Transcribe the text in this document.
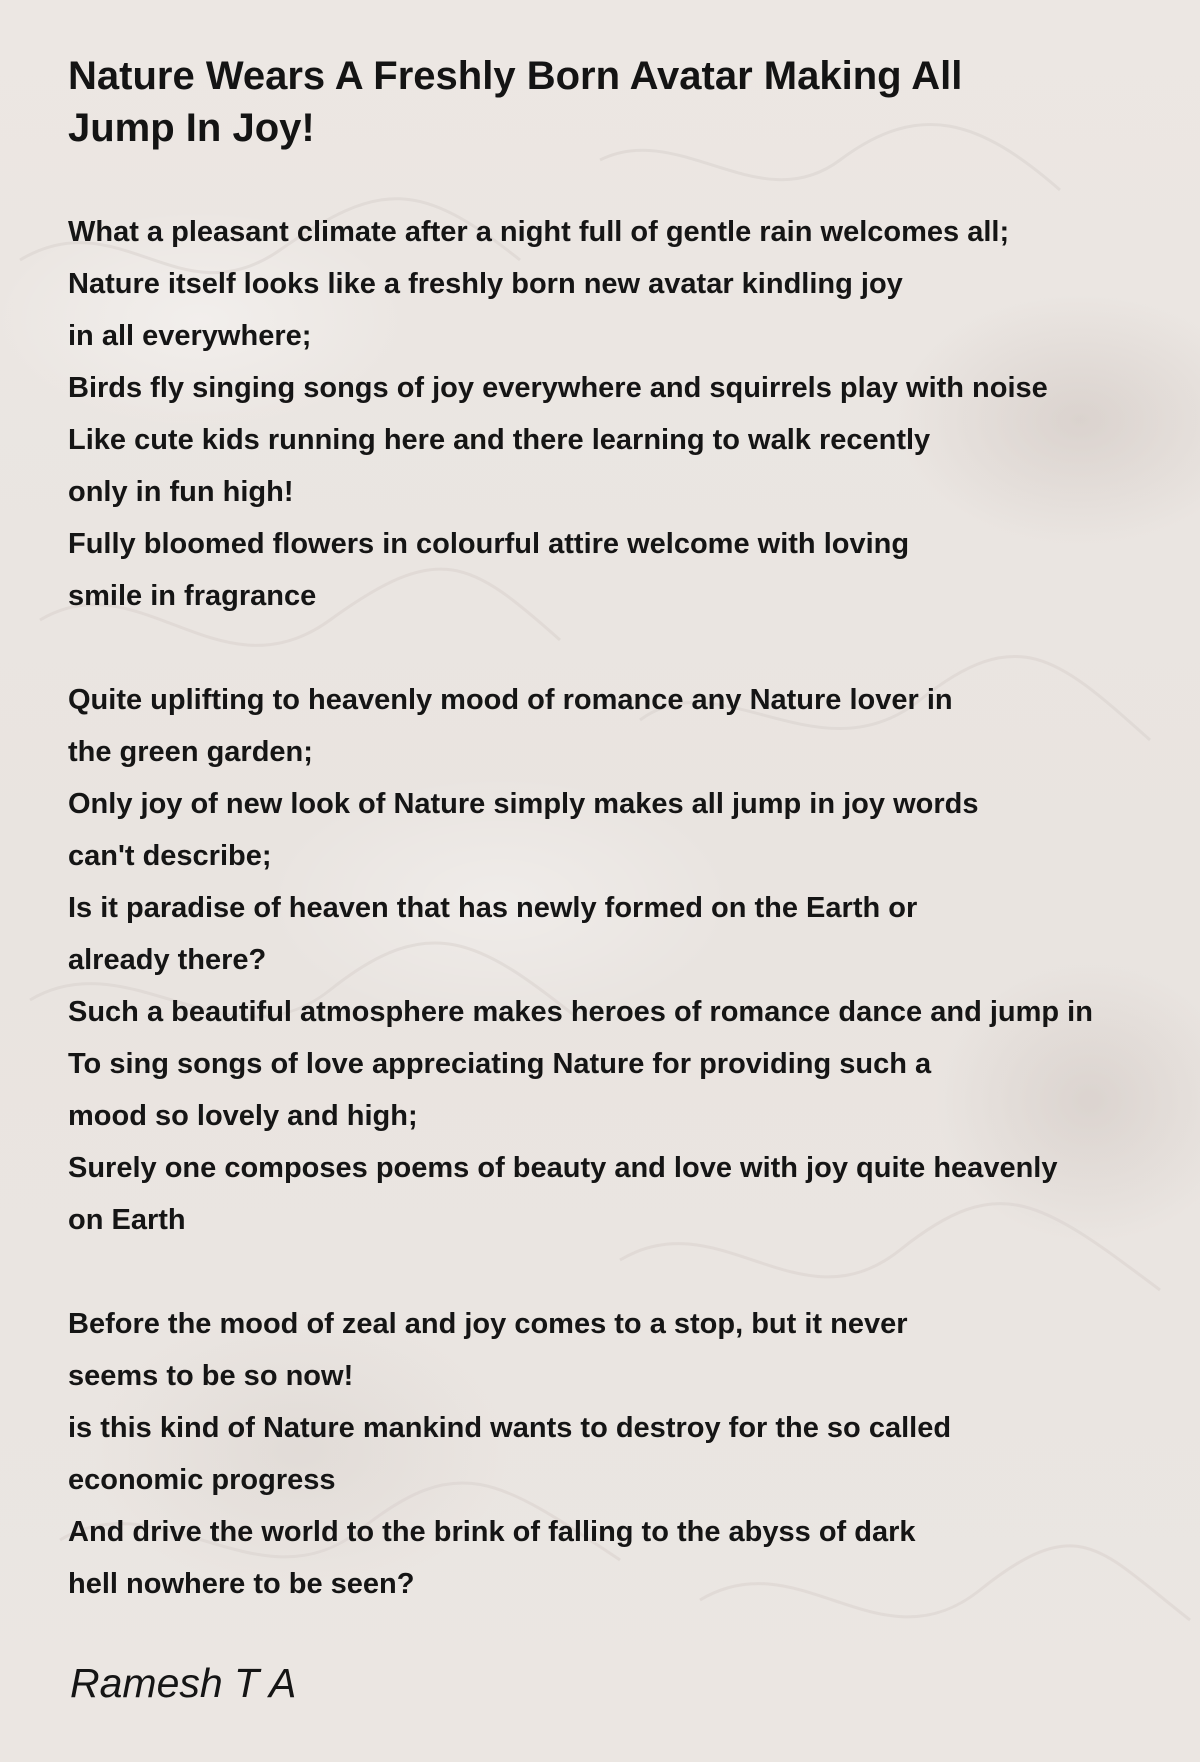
Nature Wears A Freshly Born Avatar Making All Jump In Joy!
What a pleasant climate after a night full of gentle rain welcomes all;
Nature itself looks like a freshly born new avatar kindling joy
in all everywhere;
Birds fly singing songs of joy everywhere and squirrels play with noise
Like cute kids running here and there learning to walk recently
only in fun high!
Fully bloomed flowers in colourful attire welcome with loving
smile in fragrance
Quite uplifting to heavenly mood of romance any Nature lover in
the green garden;
Only joy of new look of Nature simply makes all jump in joy words
can't describe;
Is it paradise of heaven that has newly formed on the Earth or
already there?
Such a beautiful atmosphere makes heroes of romance dance and jump in
To sing songs of love appreciating Nature for providing such a
mood so lovely and high;
Surely one composes poems of beauty and love with joy quite heavenly
on Earth
Before the mood of zeal and joy comes to a stop, but it never
seems to be so now!
is this kind of Nature mankind wants to destroy for the so called
economic progress
And drive the world to the brink of falling to the abyss of dark
hell nowhere to be seen?
Ramesh T A
